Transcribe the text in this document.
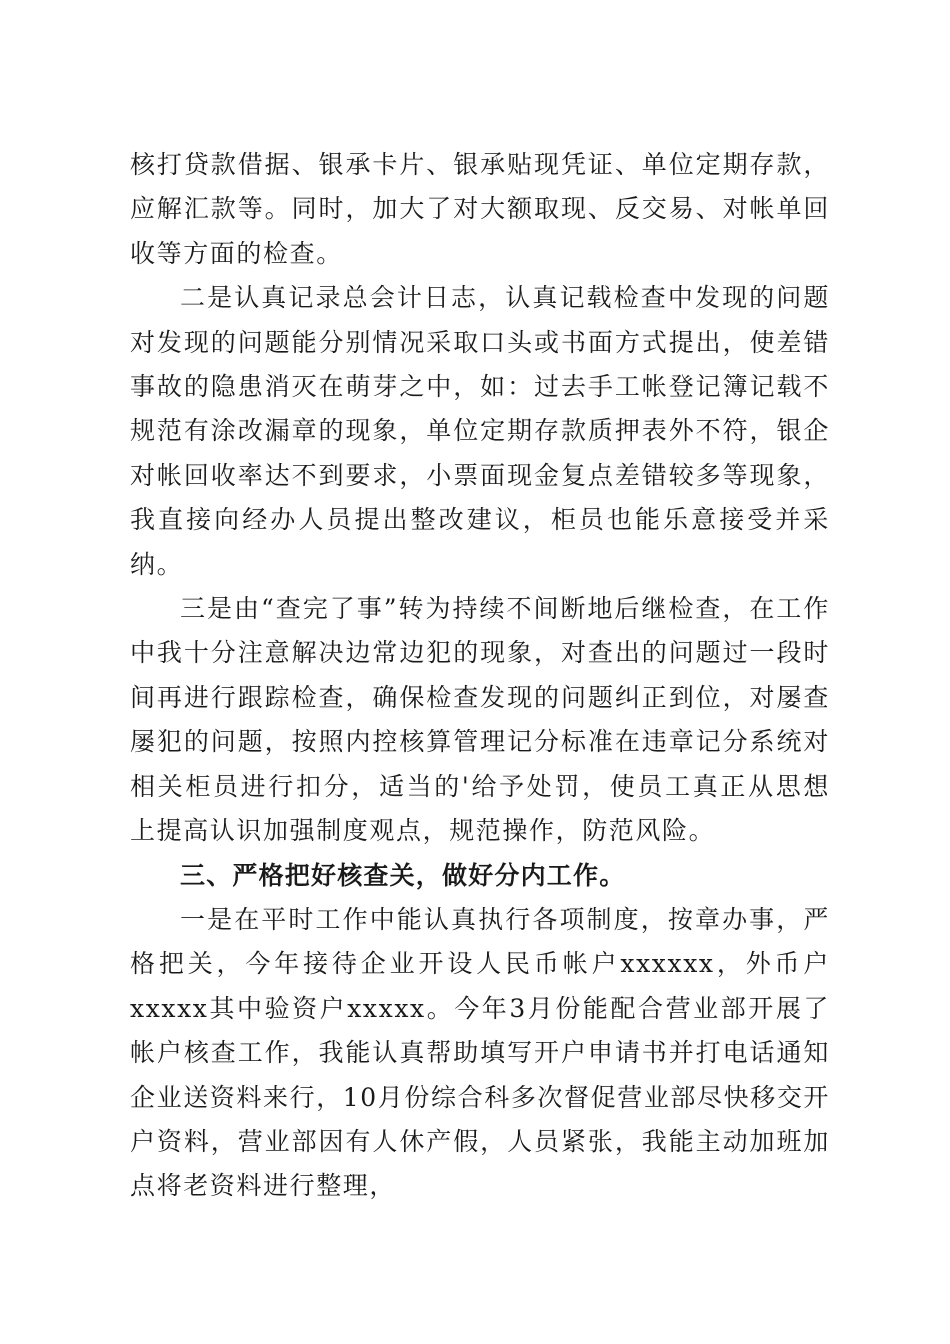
核打贷款借据、银承卡片、银承贴现凭证、单位定期存款，应解汇款等。同时，加大了对大额取现、反交易、对帐单回收等方面的检查。

二是认真记录总会计日志，认真记载检查中发现的问题对发现的问题能分别情况采取口头或书面方式提出，使差错事故的隐患消灭在萌芽之中，如：过去手工帐登记簿记载不规范有涂改漏章的现象，单位定期存款质押表外不符，银企对帐回收率达不到要求，小票面现金复点差错较多等现象，我直接向经办人员提出整改建议，柜员也能乐意接受并采纳。

三是由“查完了事”转为持续不间断地后继检查，在工作中我十分注意解决边常边犯的现象，对查出的问题过一段时间再进行跟踪检查，确保检查发现的问题纠正到位，对屡查屡犯的问题，按照内控核算管理记分标准在违章记分系统对相关柜员进行扣分，适当的'给予处罚，使员工真正从思想上提高认识加强制度观点，规范操作，防范风险。

三、严格把好核查关，做好分内工作。

一是在平时工作中能认真执行各项制度，按章办事，严格把关，今年接待企业开设人民币帐户xxxxxx，外币户xxxxx其中验资户xxxxx。今年3月份能配合营业部开展了帐户核查工作，我能认真帮助填写开户申请书并打电话通知企业送资料来行，10月份综合科多次督促营业部尽快移交开户资料，营业部因有人休产假，人员紧张，我能主动加班加点将老资料进行整理，
